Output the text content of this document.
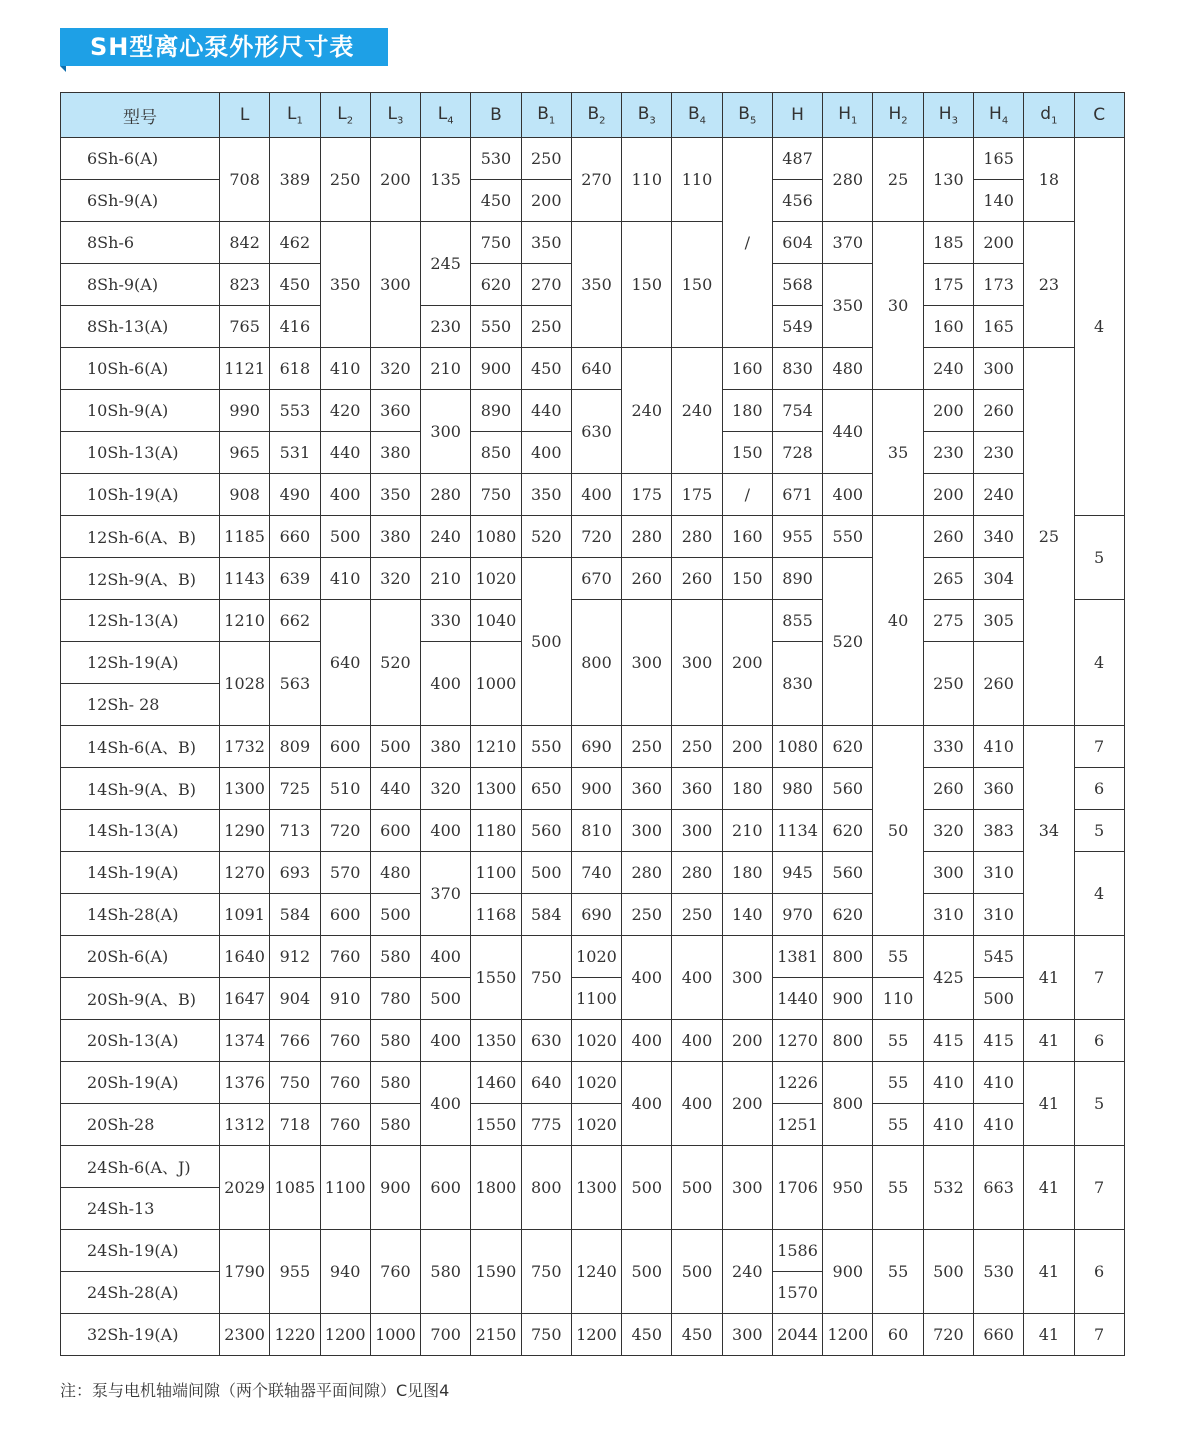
SH型离心泵外形尺寸表
型号	L	$L_1$	$L_2$	$L_3$	$L_4$	B	$B_1$	$B_2$	$B_3$	$B_4$	$B_5$	H	$H_1$	$H_2$	$H_3$	$H_4$	$d_1$	C
6Sh-6(A)	708	389	250	200	135	530	250	270	110	110	/	487	280	25	130	165	18	4
6Sh-9(A)						450	200					456				140		
8Sh-6	842	462	350	300	245	750	350	350	150	150		604	370	30	185	200	23	
8Sh-9(A)	823	450				620	270					568	350		175	173		
8Sh-13(A)	765	416			230	550	250					549			160	165		
10Sh-6(A)	1121	618	410	320	210	900	450	640	240	240	160	830	480		240	300	25	
10Sh-9(A)	990	553	420	360	300	890	440	630			180	754	440	35	200	260		
10Sh-13(A)	965	531	440	380		850	400				150	728			230	230		
10Sh-19(A)	908	490	400	350	280	750	350	400	175	175	/	671	400		200	240		
12Sh-6(A、B)	1185	660	500	380	240	1080	520	720	280	280	160	955	550	40	260	340		5
12Sh-9(A、B)	1143	639	410	320	210	1020	500	670	260	260	150	890	520		265	304		
12Sh-13(A)	1210	662	640	520	330	1040		800	300	300	200	855			275	305		4
12Sh-19(A)	1028	563			400	1000						830			250	260		
12Sh- 28																		
14Sh-6(A、B)	1732	809	600	500	380	1210	550	690	250	250	200	1080	620	50	330	410	34	7
14Sh-9(A、B)	1300	725	510	440	320	1300	650	900	360	360	180	980	560		260	360		6
14Sh-13(A)	1290	713	720	600	400	1180	560	810	300	300	210	1134	620		320	383		5
14Sh-19(A)	1270	693	570	480	370	1100	500	740	280	280	180	945	560		300	310		4
14Sh-28(A)	1091	584	600	500		1168	584	690	250	250	140	970	620		310	310		
20Sh-6(A)	1640	912	760	580	400	1550	750	1020	400	400	300	1381	800	55	425	545	41	7
20Sh-9(A、B)	1647	904	910	780	500			1100				1440	900	110		500		
20Sh-13(A)	1374	766	760	580	400	1350	630	1020	400	400	200	1270	800	55	415	415	41	6
20Sh-19(A)	1376	750	760	580	400	1460	640	1020	400	400	200	1226	800	55	410	410	41	5
20Sh-28	1312	718	760	580		1550	775	1020				1251		55	410	410		
24Sh-6(A、J)	2029	1085	1100	900	600	1800	800	1300	500	500	300	1706	950	55	532	663	41	7
24Sh-13																		
24Sh-19(A)	1790	955	940	760	580	1590	750	1240	500	500	240	1586	900	55	500	530	41	6
24Sh-28(A)												1570						
32Sh-19(A)	2300	1220	1200	1000	700	2150	750	1200	450	450	300	2044	1200	60	720	660	41	7
注：泵与电机轴端间隙（两个联轴器平面间隙）C见图4
